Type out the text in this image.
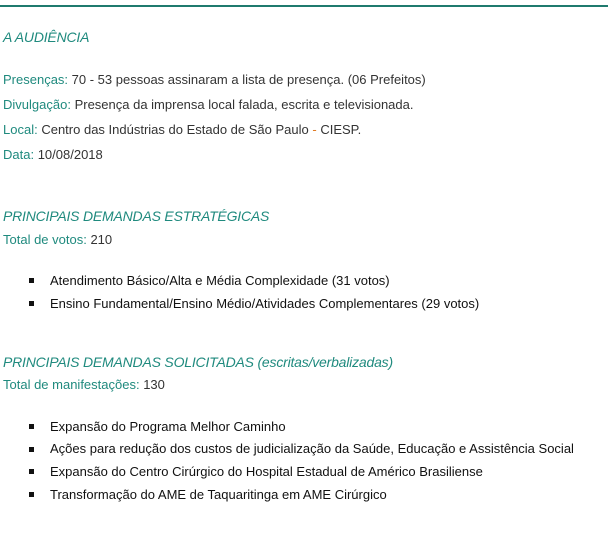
A AUDIÊNCIA
Presenças: 70 - 53 pessoas assinaram a lista de presença. (06 Prefeitos)
Divulgação: Presença da imprensa local falada, escrita e televisionada.
Local: Centro das Indústrias do Estado de São Paulo - CIESP.
Data: 10/08/2018
PRINCIPAIS DEMANDAS ESTRATÉGICAS
Total de votos: 210
Atendimento Básico/Alta e Média Complexidade (31 votos)
Ensino Fundamental/Ensino Médio/Atividades Complementares (29 votos)
PRINCIPAIS DEMANDAS SOLICITADAS (escritas/verbalizadas)
Total de manifestações: 130
Expansão do Programa Melhor Caminho
Ações para redução dos custos de judicialização da Saúde, Educação e Assistência Social
Expansão do Centro Cirúrgico do Hospital Estadual de Américo Brasiliense
Transformação do AME de Taquaritinga em AME Cirúrgico
